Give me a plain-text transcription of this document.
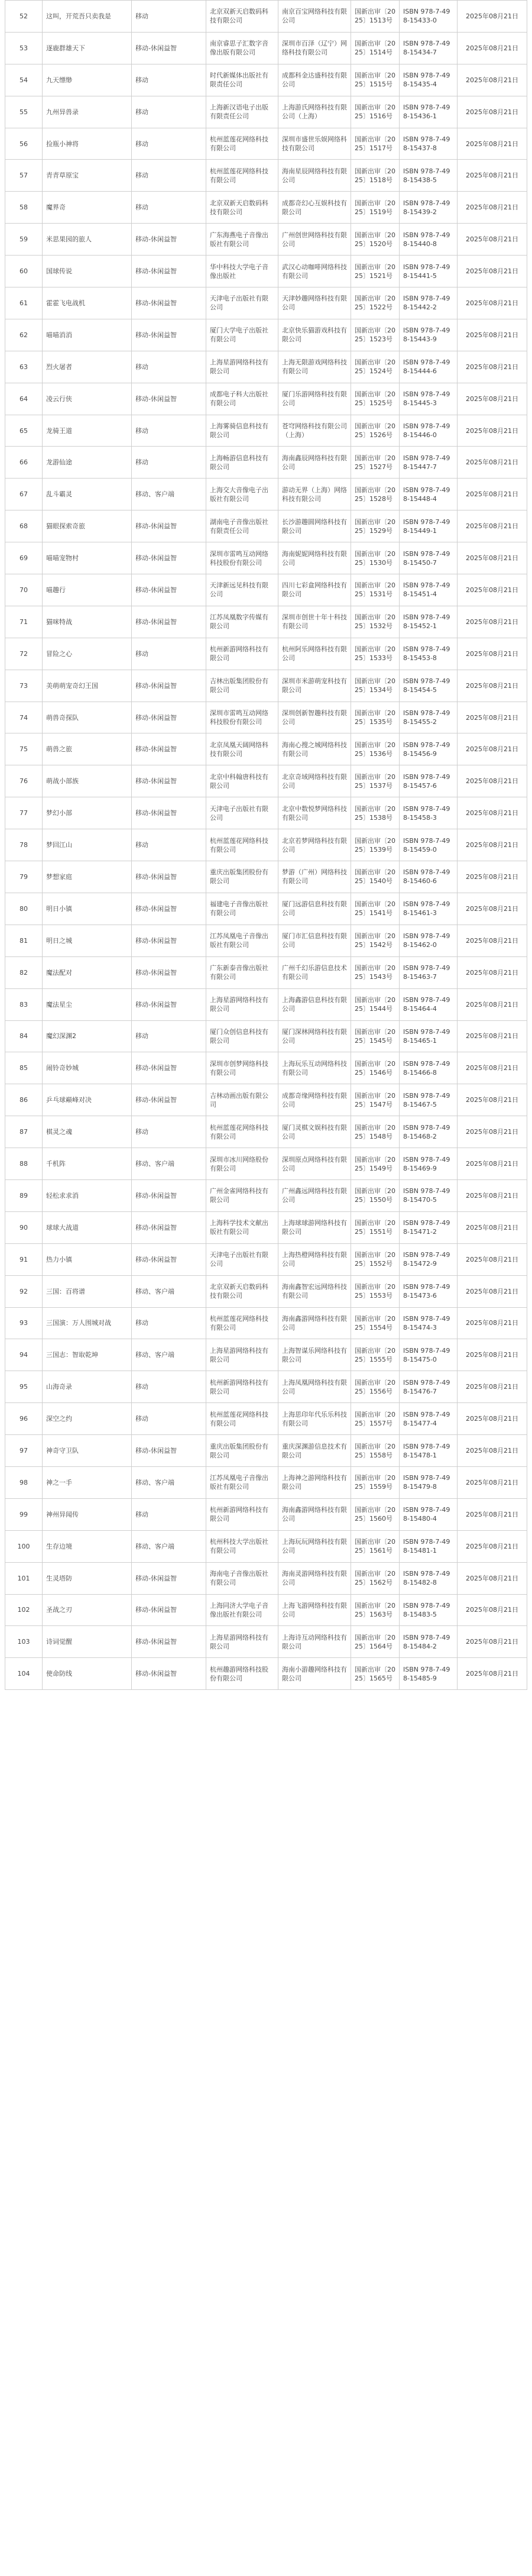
52	这叫，开荒吾只卖我是	移动	北京双新天启数码科技有限公司	南京百宝网络科技有限公司	国新出审〔2025〕1513号	ISBN 978-7-498-15433-0	2025年08月21日
53	逐鹿群雄天下	移动-休闲益智	南京睿思子汇数字音像出版有限公司	深圳市百泽（辽宁）网络科技有限公司	国新出审〔2025〕1514号	ISBN 978-7-498-15434-7	2025年08月21日
54	九天缥缈	移动	时代新媒体出版社有限责任公司	成都科金达盛科技有限公司	国新出审〔2025〕1515号	ISBN 978-7-498-15435-4	2025年08月21日
55	九州异兽录	移动	上海新汉语电子出版有限责任公司	上海游氏网络科技有限公司（上海）	国新出审〔2025〕1516号	ISBN 978-7-498-15436-1	2025年08月21日
56	捡瓶小神将	移动	杭州蓝莲花网络科技有限公司	深圳市盛世乐娱网络科技有限公司	国新出审〔2025〕1517号	ISBN 978-7-498-15437-8	2025年08月21日
57	青青草原宝	移动	杭州蓝莲花网络科技有限公司	海南星辰网络科技有限公司	国新出审〔2025〕1518号	ISBN 978-7-498-15438-5	2025年08月21日
58	魔界奇	移动	北京双新天启数码科技有限公司	成都奇幻心互娱科技有限公司	国新出审〔2025〕1519号	ISBN 978-7-498-15439-2	2025年08月21日
59	米思果园的旅人	移动-休闲益智	广东海燕电子音像出版社有限公司	广州创世网络科技有限公司	国新出审〔2025〕1520号	ISBN 978-7-498-15440-8	2025年08月21日
60	国球传说	移动-休闲益智	华中科技大学电子音像出版社	武汉心动咖啡网络科技有限公司	国新出审〔2025〕1521号	ISBN 978-7-498-15441-5	2025年08月21日
61	霍霍飞电战机	移动-休闲益智	天津电子出版社有限公司	天津妙趣网络科技有限公司	国新出审〔2025〕1522号	ISBN 978-7-498-15442-2	2025年08月21日
62	喵喵消消	移动-休闲益智	厦门大学电子出版社有限公司	北京快乐猫游戏科技有限公司	国新出审〔2025〕1523号	ISBN 978-7-498-15443-9	2025年08月21日
63	烈火屠者	移动	上海星游网络科技有限公司	上海无限游戏网络科技有限公司	国新出审〔2025〕1524号	ISBN 978-7-498-15444-6	2025年08月21日
64	凌云行侠	移动-休闲益智	成都电子科大出版社有限公司	厦门乐游网络科技有限公司	国新出审〔2025〕1525号	ISBN 978-7-498-15445-3	2025年08月21日
65	龙骑王道	移动	上海雾骑信息科技有限公司	苍穹网络科技有限公司（上海）	国新出审〔2025〕1526号	ISBN 978-7-498-15446-0	2025年08月21日
66	龙游仙途	移动	上海畅游信息科技有限公司	海南鑫辰网络科技有限公司	国新出审〔2025〕1527号	ISBN 978-7-498-15447-7	2025年08月21日
67	乱斗霸灵	移动、客户端	上海交大音像电子出版社有限公司	游动无界（上海）网络科技有限公司	国新出审〔2025〕1528号	ISBN 978-7-498-15448-4	2025年08月21日
68	猫眼探索奇旅	移动-休闲益智	湖南电子音像出版社有限责任公司	长沙游趣圆网络科技有限公司	国新出审〔2025〕1529号	ISBN 978-7-498-15449-1	2025年08月21日
69	喵喵宠物村	移动-休闲益智	深圳市雷鸣互动网络科技股份有限公司	海南妮妮网络科技有限公司	国新出审〔2025〕1530号	ISBN 978-7-498-15450-7	2025年08月21日
70	喵趣行	移动-休闲益智	天津新远见科技有限公司	四川七彩盒网络科技有限公司	国新出审〔2025〕1531号	ISBN 978-7-498-15451-4	2025年08月21日
71	猫咪特战	移动-休闲益智	江苏凤凰数字传媒有限公司	深圳市创世十年十科技有限公司	国新出审〔2025〕1532号	ISBN 978-7-498-15452-1	2025年08月21日
72	冒险之心	移动	杭州新游网络科技有限公司	杭州阿乐网络科技有限公司	国新出审〔2025〕1533号	ISBN 978-7-498-15453-8	2025年08月21日
73	美萌萌宠奇幻王国	移动-休闲益智	吉林出版集团股份有限公司	深圳市米游萌宠科技有限公司	国新出审〔2025〕1534号	ISBN 978-7-498-15454-5	2025年08月21日
74	萌兽奇探队	移动-休闲益智	深圳市雷鸣互动网络科技股份有限公司	深圳创新智趣科技有限公司	国新出审〔2025〕1535号	ISBN 978-7-498-15455-2	2025年08月21日
75	萌兽之旅	移动-休闲益智	北京凤凰天阔网络科技有限公司	海南心搜之城网络科技有限公司	国新出审〔2025〕1536号	ISBN 978-7-498-15456-9	2025年08月21日
76	萌战小部族	移动-休闲益智	北京中科翰唐科技有限公司	北京奇域网络科技有限公司	国新出审〔2025〕1537号	ISBN 978-7-498-15457-6	2025年08月21日
77	梦幻小部	移动-休闲益智	天津电子出版社有限公司	北京中数悦梦网络科技有限公司	国新出审〔2025〕1538号	ISBN 978-7-498-15458-3	2025年08月21日
78	梦回江山	移动	杭州蓝莲花网络科技有限公司	北京若梦网络科技有限公司	国新出审〔2025〕1539号	ISBN 978-7-498-15459-0	2025年08月21日
79	梦想家庭	移动-休闲益智	重庆出版集团股份有限公司	梦游（广州）网络科技有限公司	国新出审〔2025〕1540号	ISBN 978-7-498-15460-6	2025年08月21日
80	明日小镇	移动-休闲益智	福建电子音像出版社有限公司	厦门远游信息科技有限公司	国新出审〔2025〕1541号	ISBN 978-7-498-15461-3	2025年08月21日
81	明日之城	移动-休闲益智	江苏凤凰电子音像出版社有限公司	厦门市汇信息科技有限公司	国新出审〔2025〕1542号	ISBN 978-7-498-15462-0	2025年08月21日
82	魔法配对	移动-休闲益智	广东新泰音像出版社有限公司	广州千幻乐游信息技术有限公司	国新出审〔2025〕1543号	ISBN 978-7-498-15463-7	2025年08月21日
83	魔法星尘	移动-休闲益智	上海星游网络科技有限公司	上海鑫游信息科技有限公司	国新出审〔2025〕1544号	ISBN 978-7-498-15464-4	2025年08月21日
84	魔幻深渊2	移动	厦门众创信息科技有限公司	厦门深林网络科技有限公司	国新出审〔2025〕1545号	ISBN 978-7-498-15465-1	2025年08月21日
85	闹铃奇妙城	移动-休闲益智	深圳市创梦网络科技有限公司	上海玩乐互动网络科技有限公司	国新出审〔2025〕1546号	ISBN 978-7-498-15466-8	2025年08月21日
86	乒乓球巅峰对决	移动-休闲益智	吉林动画出版有限公司	成都奇缘网络科技有限公司	国新出审〔2025〕1547号	ISBN 978-7-498-15467-5	2025年08月21日
87	棋灵之魂	移动	杭州蓝莲花网络科技有限公司	厦门灵棋文娱科技有限公司	国新出审〔2025〕1548号	ISBN 978-7-498-15468-2	2025年08月21日
88	千机阵	移动、客户端	深圳市冰川网络股份有限公司	深圳原点网络科技有限公司	国新出审〔2025〕1549号	ISBN 978-7-498-15469-9	2025年08月21日
89	轻松求求消	移动-休闲益智	广州金雀网络科技有限公司	广州鑫远网络科技有限公司	国新出审〔2025〕1550号	ISBN 978-7-498-15470-5	2025年08月21日
90	球球大战道	移动-休闲益智	上海科学技术文献出版社有限公司	上海球球游网络科技有限公司	国新出审〔2025〕1551号	ISBN 978-7-498-15471-2	2025年08月21日
91	热力小镇	移动-休闲益智	天津电子出版社有限公司	上海热橙网络科技有限公司	国新出审〔2025〕1552号	ISBN 978-7-498-15472-9	2025年08月21日
92	三国：百将谱	移动、客户端	北京双新天启数码科技有限公司	海南鑫智宏远网络科技有限公司	国新出审〔2025〕1553号	ISBN 978-7-498-15473-6	2025年08月21日
93	三国演：万人围城对战	移动	杭州蓝莲花网络科技有限公司	海南鑫游网络科技有限公司	国新出审〔2025〕1554号	ISBN 978-7-498-15474-3	2025年08月21日
94	三国志：智取乾坤	移动、客户端	上海星游网络科技有限公司	上海智谋乐网络科技有限公司	国新出审〔2025〕1555号	ISBN 978-7-498-15475-0	2025年08月21日
95	山海奇录	移动	杭州新游网络科技有限公司	上海凤凰网络科技有限公司	国新出审〔2025〕1556号	ISBN 978-7-498-15476-7	2025年08月21日
96	深空之约	移动	杭州蓝莲花网络科技有限公司	上海思印年代乐乐科技有限公司	国新出审〔2025〕1557号	ISBN 978-7-498-15477-4	2025年08月21日
97	神奇守卫队	移动-休闲益智	重庆出版集团股份有限公司	重庆深渊游信息技术有限公司	国新出审〔2025〕1558号	ISBN 978-7-498-15478-1	2025年08月21日
98	神之一手	移动、客户端	江苏凤凰电子音像出版社有限公司	上海神之游网络科技有限公司	国新出审〔2025〕1559号	ISBN 978-7-498-15479-8	2025年08月21日
99	神州异闻传	移动	杭州新游网络科技有限公司	海南鑫游网络科技有限公司	国新出审〔2025〕1560号	ISBN 978-7-498-15480-4	2025年08月21日
100	生存边境	移动、客户端	杭州科技大学出版社有限公司	上海玩玩网络科技有限公司	国新出审〔2025〕1561号	ISBN 978-7-498-15481-1	2025年08月21日
101	生灵塔防	移动-休闲益智	海南电子音像出版社有限公司	海南灵游网络科技有限公司	国新出审〔2025〕1562号	ISBN 978-7-498-15482-8	2025年08月21日
102	圣战之刃	移动-休闲益智	上海同济大学电子音像出版社有限公司	上海飞游网络科技有限公司	国新出审〔2025〕1563号	ISBN 978-7-498-15483-5	2025年08月21日
103	诗词觉醒	移动-休闲益智	上海星游网络科技有限公司	上海诗互动网络科技有限公司	国新出审〔2025〕1564号	ISBN 978-7-498-15484-2	2025年08月21日
104	使命防线	移动-休闲益智	杭州趣游网络科技股份有限公司	海南小游趣网络科技有限公司	国新出审〔2025〕1565号	ISBN 978-7-498-15485-9	2025年08月21日
